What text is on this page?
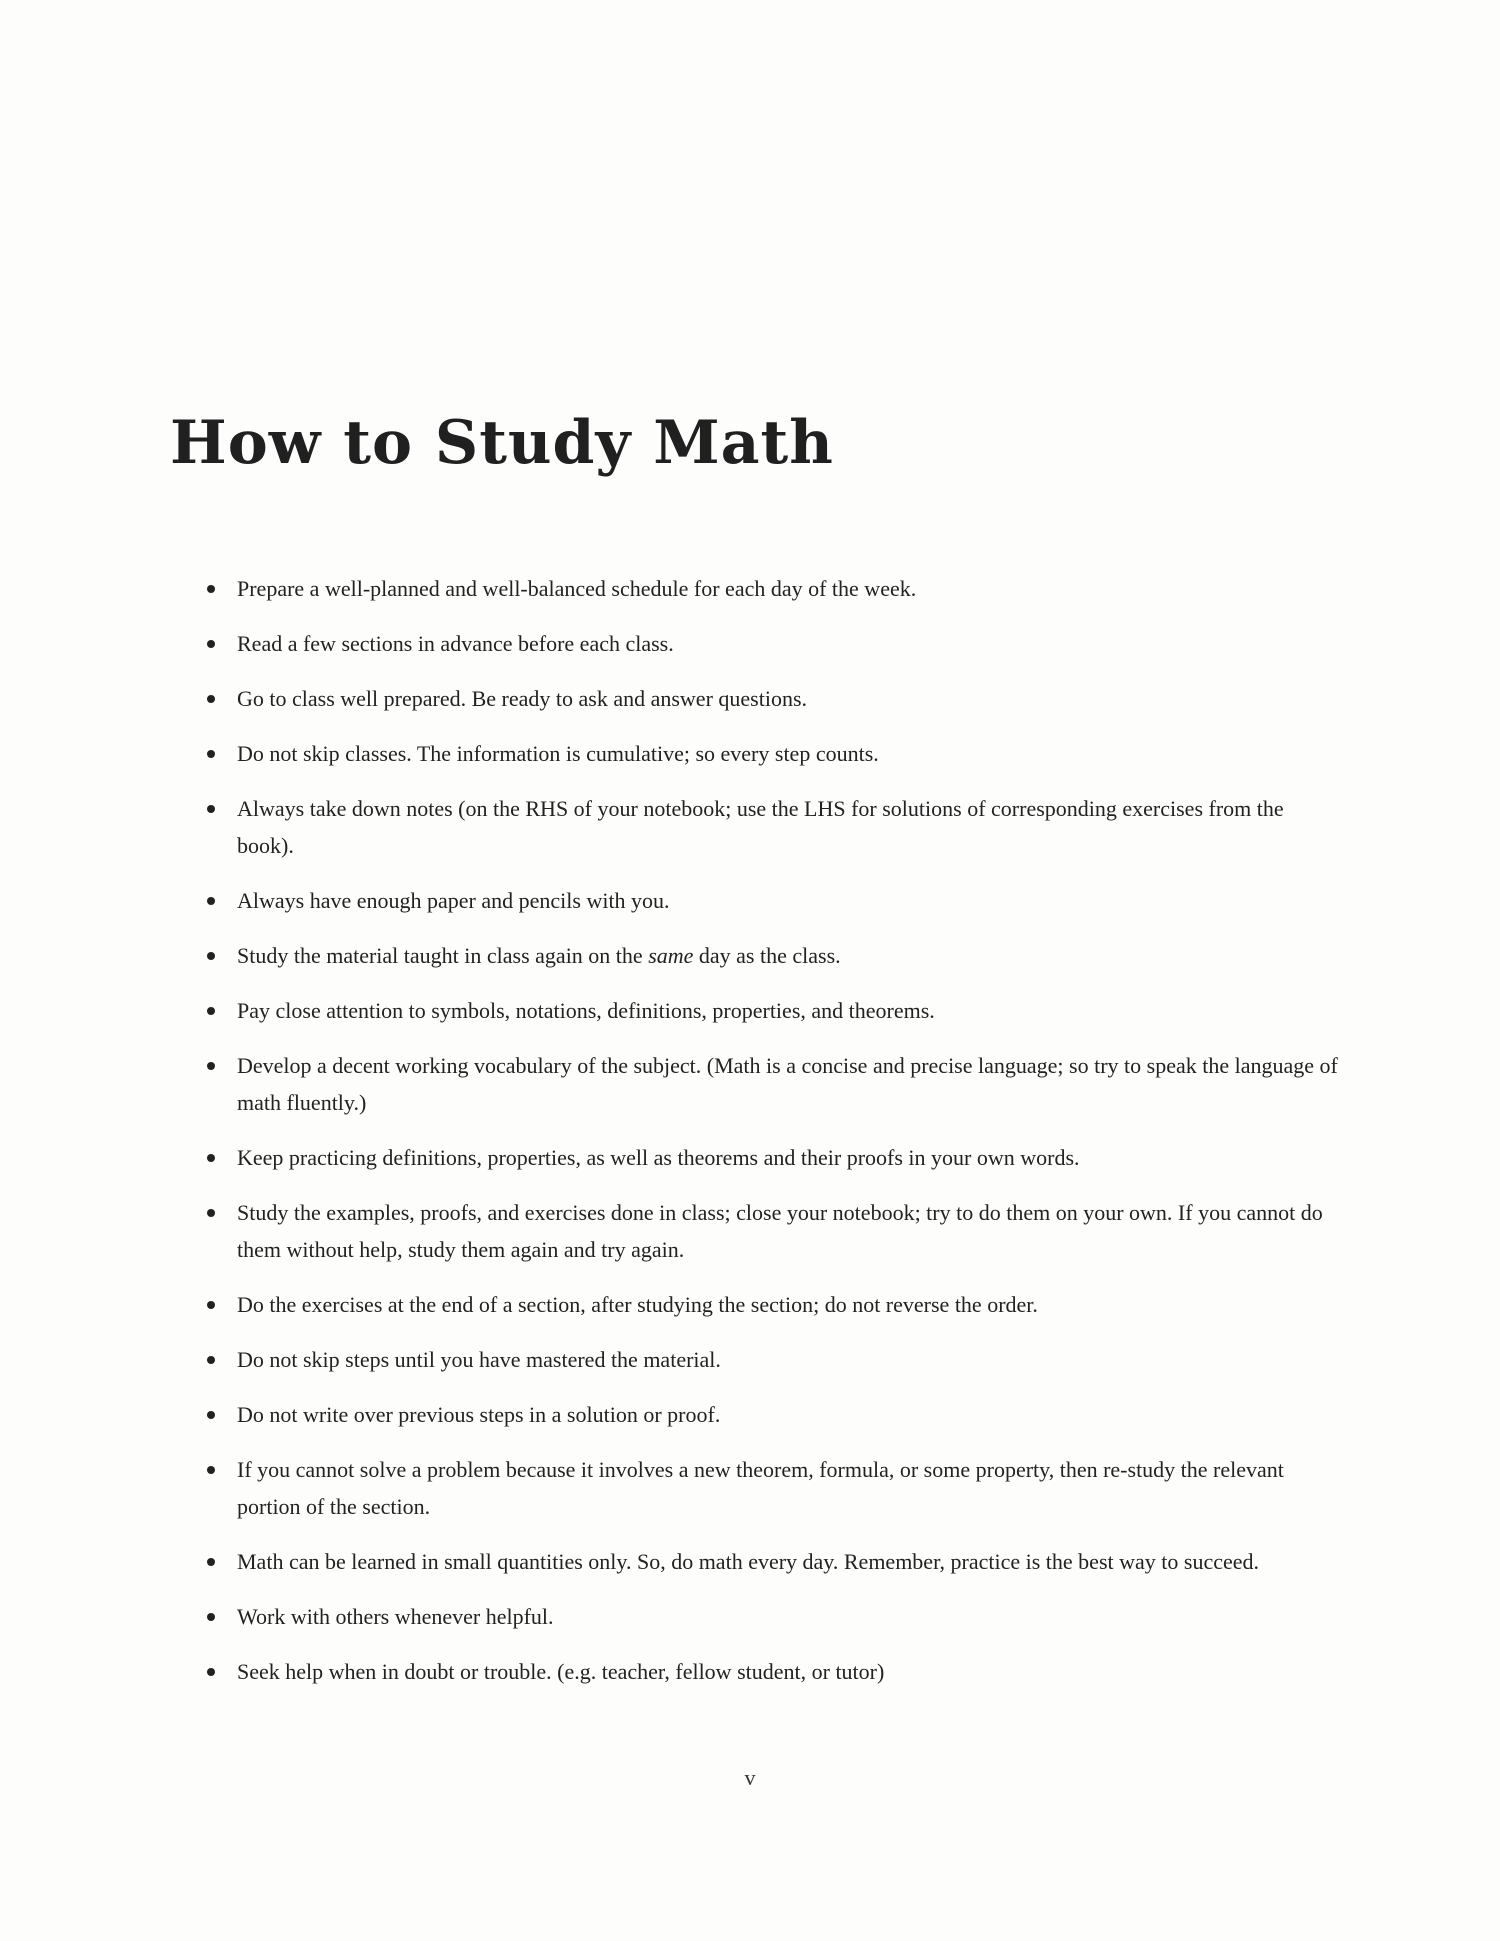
How to Study Math
Prepare a well-planned and well-balanced schedule for each day of the week.
Read a few sections in advance before each class.
Go to class well prepared. Be ready to ask and answer questions.
Do not skip classes. The information is cumulative; so every step counts.
Always take down notes (on the RHS of your notebook; use the LHS for solutions of corresponding exercises from the book).
Always have enough paper and pencils with you.
Study the material taught in class again on the same day as the class.
Pay close attention to symbols, notations, definitions, properties, and theorems.
Develop a decent working vocabulary of the subject. (Math is a concise and precise language; so try to speak the language of math fluently.)
Keep practicing definitions, properties, as well as theorems and their proofs in your own words.
Study the examples, proofs, and exercises done in class; close your notebook; try to do them on your own. If you cannot do them without help, study them again and try again.
Do the exercises at the end of a section, after studying the section; do not reverse the order.
Do not skip steps until you have mastered the material.
Do not write over previous steps in a solution or proof.
If you cannot solve a problem because it involves a new theorem, formula, or some property, then re-study the relevant portion of the section.
Math can be learned in small quantities only. So, do math every day. Remember, practice is the best way to succeed.
Work with others whenever helpful.
Seek help when in doubt or trouble. (e.g. teacher, fellow student, or tutor)
v
